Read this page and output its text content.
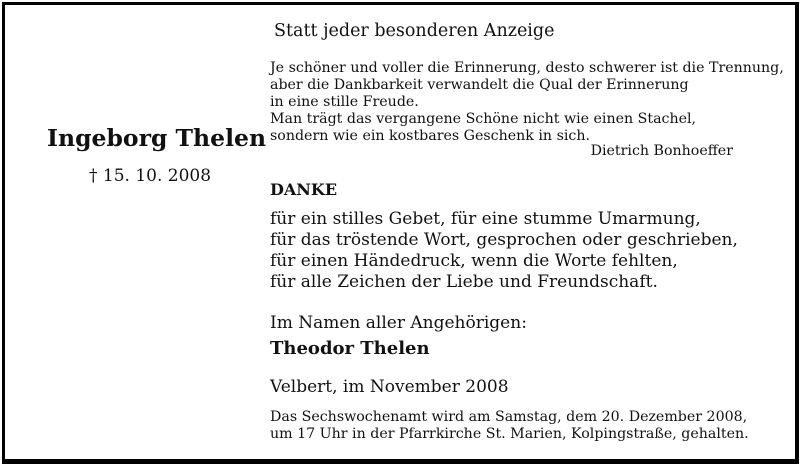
Statt jeder besonderen Anzeige
Je schöner und voller die Erinnerung, desto schwerer ist die Trennung,
aber die Dankbarkeit verwandelt die Qual der Erinnerung
in eine stille Freude.
Man trägt das vergangene Schöne nicht wie einen Stachel,
sondern wie ein kostbares Geschenk in sich.
Dietrich Bonhoeffer
Ingeborg Thelen
† 15. 10. 2008
DANKE
für ein stilles Gebet, für eine stumme Umarmung,
für das tröstende Wort, gesprochen oder geschrieben,
für einen Händedruck, wenn die Worte fehlten,
für alle Zeichen der Liebe und Freundschaft.
Im Namen aller Angehörigen:
Theodor Thelen
Velbert, im November 2008
Das Sechswochenamt wird am Samstag, dem 20. Dezember 2008,
um 17 Uhr in der Pfarrkirche St. Marien, Kolpingstraße, gehalten.
